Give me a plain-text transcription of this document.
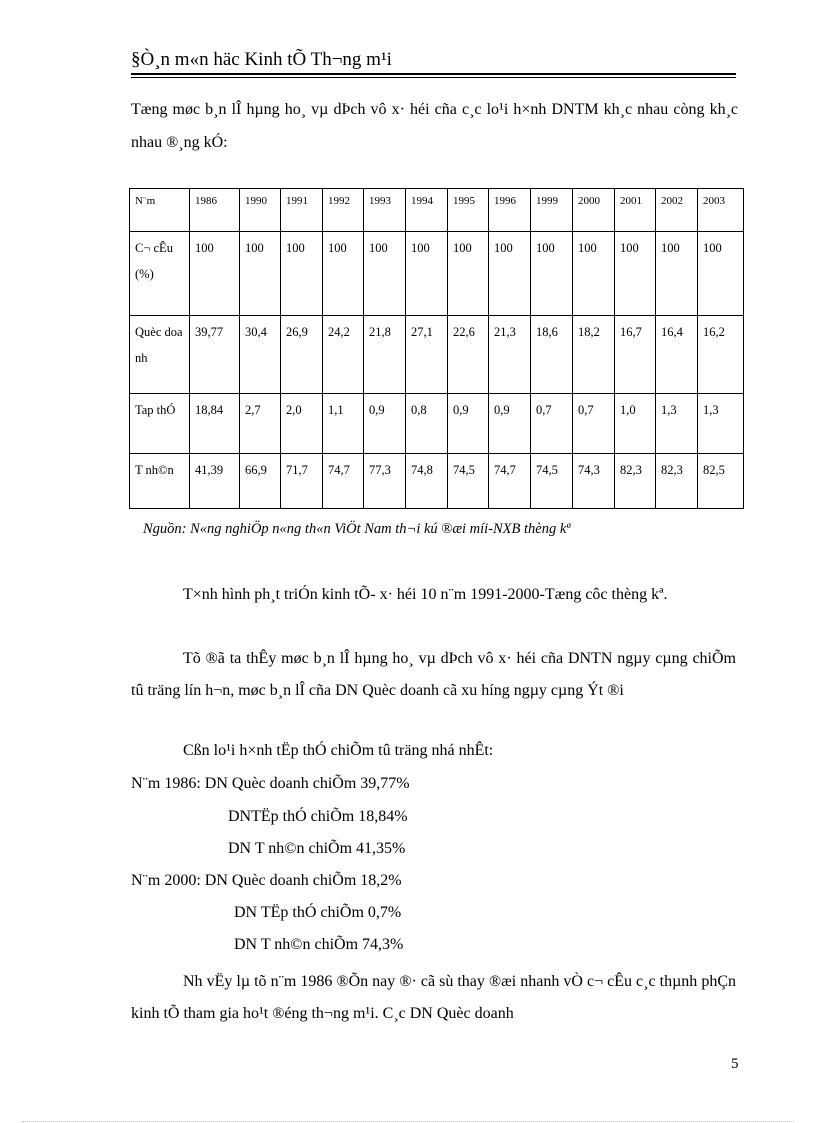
§Ò¸n m«n häc Kinh tÕ Th¬ng m¹i
Tæng møc b¸n lÎ hµng ho¸ vµ dÞch vô x· héi cña c¸c lo¹i h×nh DNTM kh¸c nhau còng kh¸c nhau ®¸ng kÓ:
N¨m	1986	1990	1991	1992	1993	1994	1995	1996	1999	2000	2001	2002	2003
C¬ cÊu(%)	100	100	100	100	100	100	100	100	100	100	100	100	100
Quèc doanh	39,77	30,4	26,9	24,2	21,8	27,1	22,6	21,3	18,6	18,2	16,7	16,4	16,2
Tap thÓ	18,84	2,7	2,0	1,1	0,9	0,8	0,9	0,9	0,7	0,7	1,0	1,3	1,3
T nh©n	41,39	66,9	71,7	74,7	77,3	74,8	74,5	74,7	74,5	74,3	82,3	82,3	82,5
Nguồn: N«ng nghiÖp n«ng th«n ViÖt Nam th¬i kú ®æi míi-NXB thèng kª
T×nh hình ph¸t triÓn kinh tÕ- x· héi 10 n¨m 1991-2000-Tæng côc thèng kª.
Tõ ®ã ta thÊy møc b¸n lÎ hµng ho¸ vµ dÞch vô x· héi cña DNTN ngµy cµng chiÕm tû träng lín h¬n, møc b¸n lÎ cña DN Quèc doanh cã xu híng ngµy cµng Ýt ®i
Cßn lo¹i h×nh tËp thÓ chiÕm tû träng nhá nhÊt:
N¨m 1986: DN Quèc doanh chiÕm 39,77%
DNTËp thÓ chiÕm 18,84%
DN T nh©n chiÕm 41,35%
N¨m 2000: DN Quèc doanh chiÕm 18,2%
DN TËp thÓ chiÕm 0,7%
DN T nh©n chiÕm 74,3%
Nh vËy lµ tõ n¨m 1986 ®Õn nay ®· cã sù thay ®æi nhanh vÒ c¬ cÊu c¸c thµnh phÇn kinh tÕ tham gia ho¹t ®éng th¬ng m¹i. C¸c DN Quèc doanh
5
